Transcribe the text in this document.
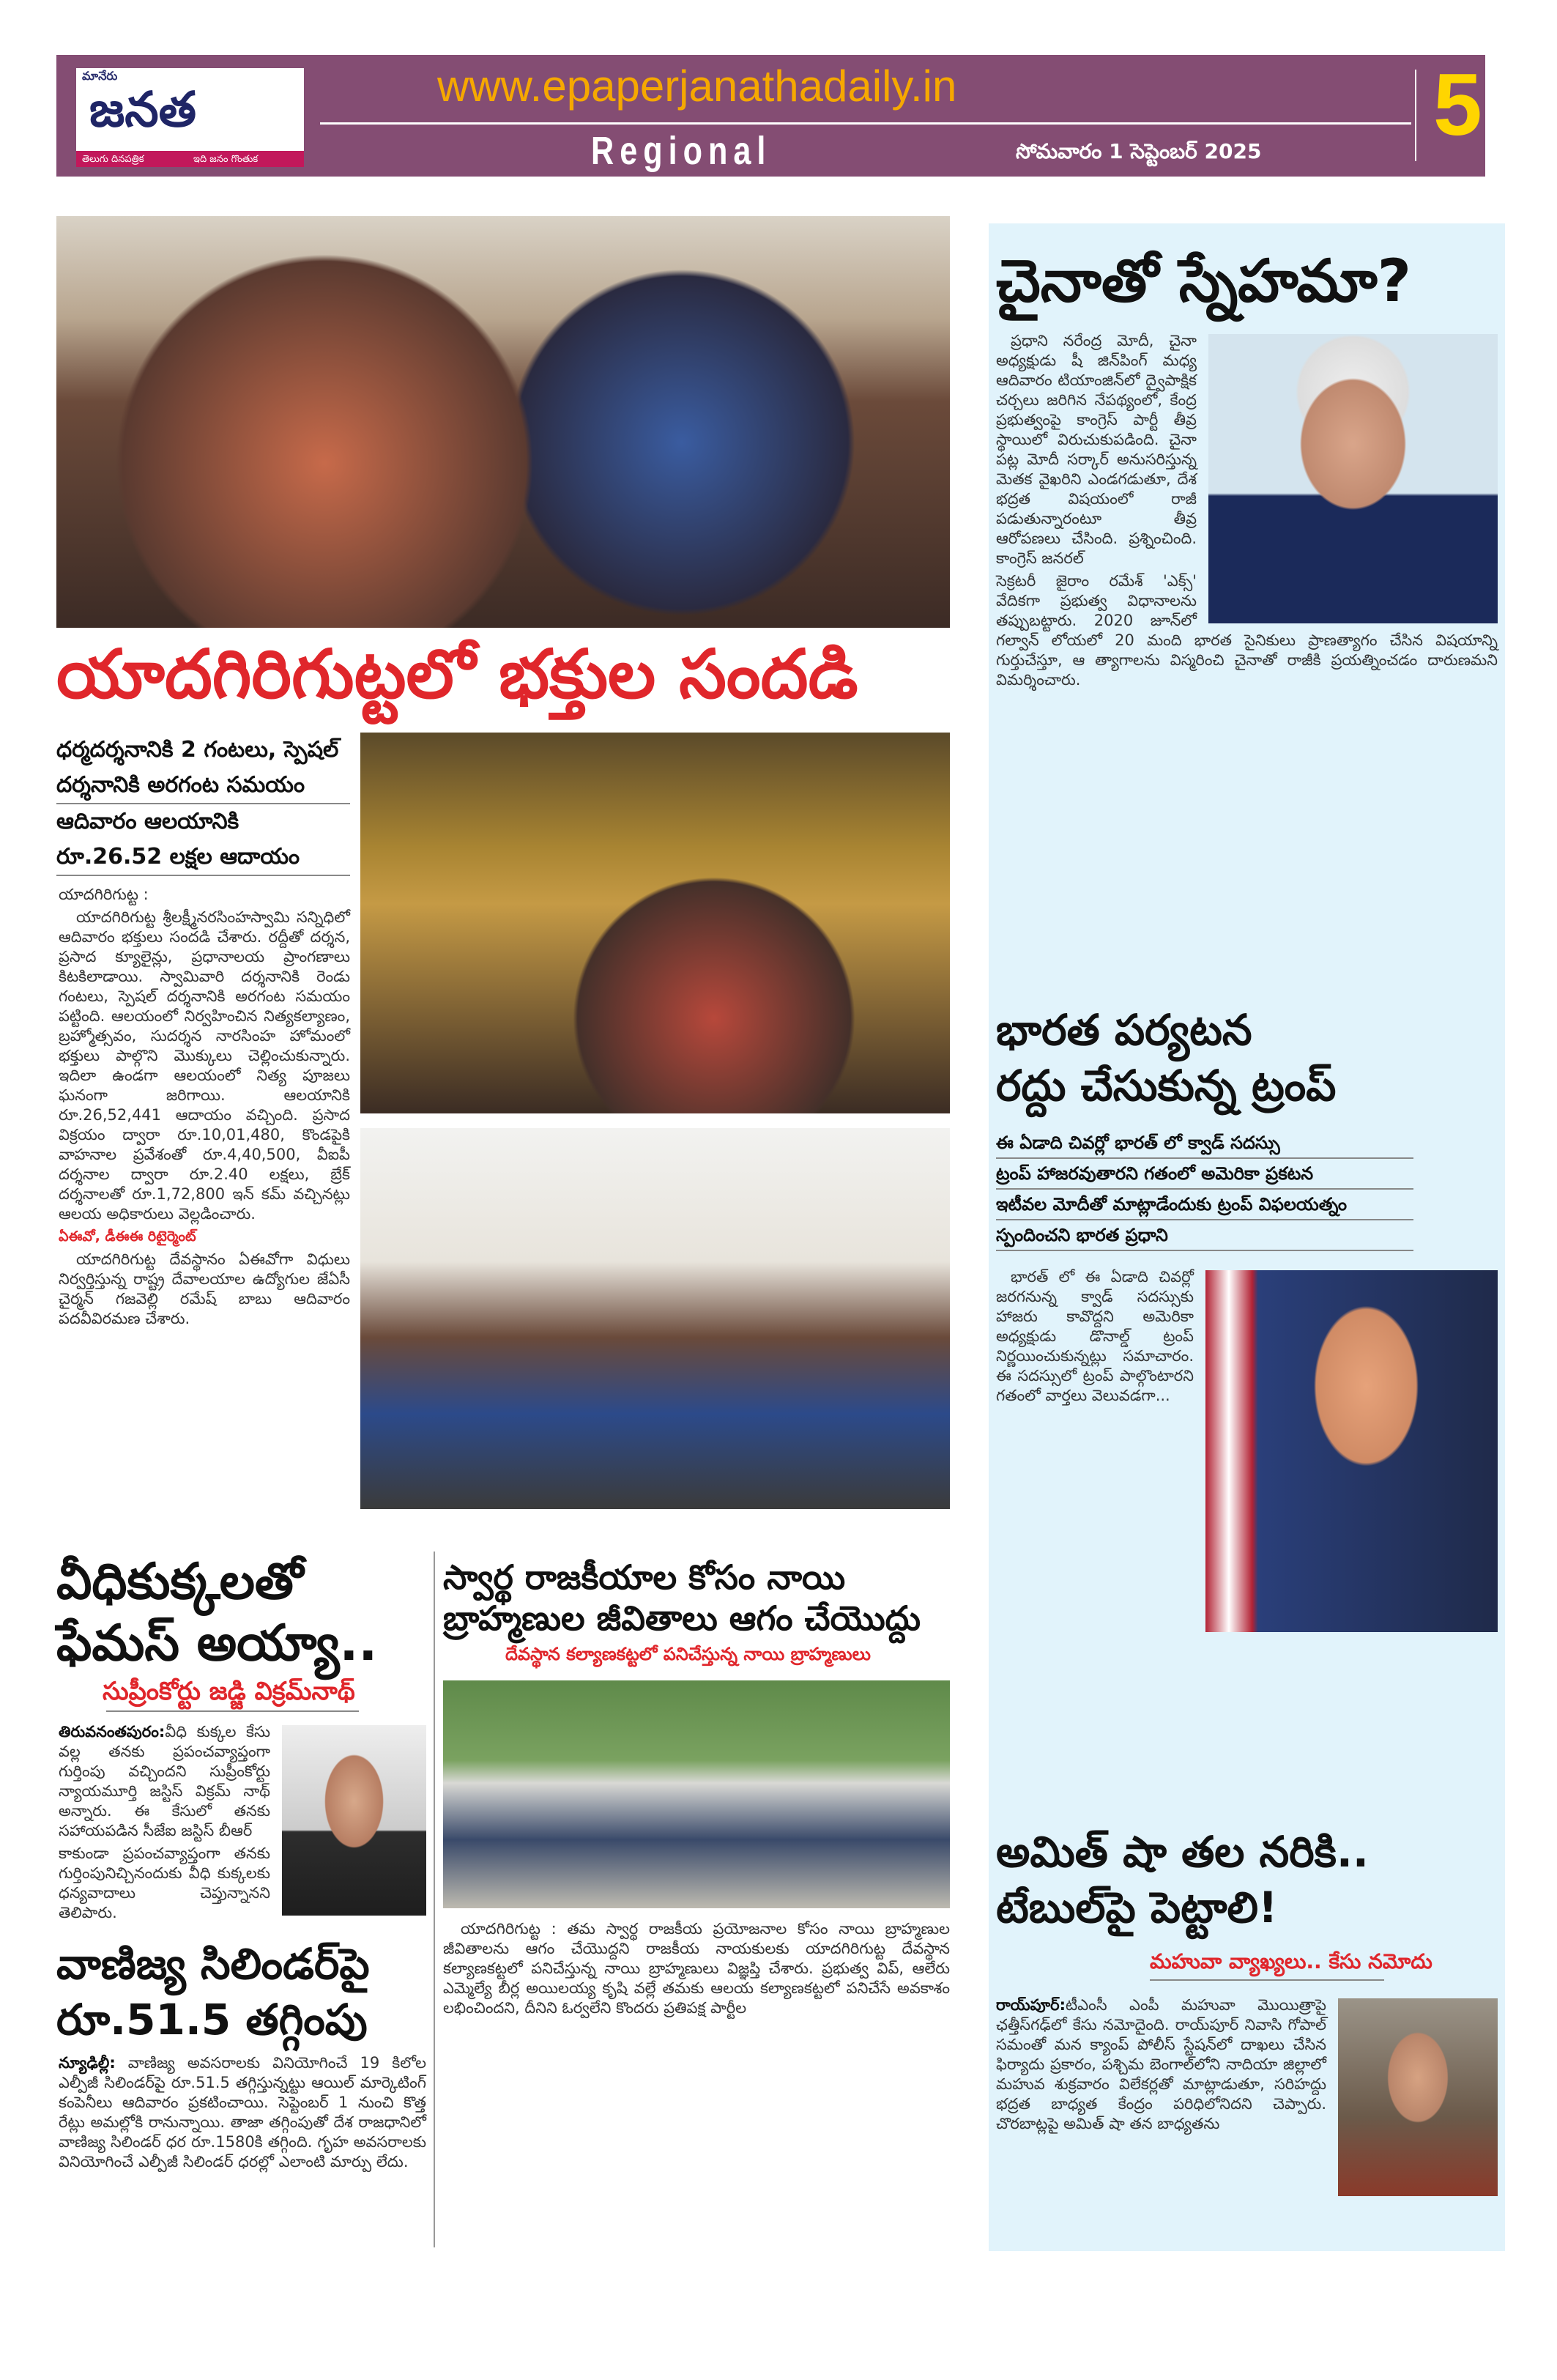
మానేరు
జనత
తెలుగు దినపత్రిక	ఇది జనం గొంతుక
www.epaperjanathadaily.in
Regional	సోమవారం 1 సెప్టెంబర్ 2025 5
యాదగిరిగుట్టలో భక్తుల సందడి
ధర్మదర్శనానికి 2 గంటలు, స్పెషల్ దర్శనానికి అరగంట సమయం
ఆదివారం ఆలయానికి రూ.26.52 లక్షల ఆదాయం

యాదగిరిగుట్ట :

యాదగిరిగుట్ట శ్రీలక్ష్మీనరసింహస్వామి సన్నిధిలో ఆదివారం భక్తులు సందడి చేశారు. రద్దీతో దర్శన, ప్రసాద క్యూలైన్లు, ప్రధానాలయ ప్రాంగణాలు కిటకిలాడాయి. స్వామివారి దర్శనానికి రెండు గంటలు, స్పెషల్ దర్శనానికి అరగంట సమయం పట్టింది. ఆలయంలో నిర్వహించిన నిత్యకల్యాణం, బ్రహ్మోత్సవం, సుదర్శన నారసింహ హోమంలో భక్తులు పాల్గొని మొక్కులు చెల్లించుకున్నారు. ఇదిలా ఉండగా ఆలయంలో నిత్య పూజలు ఘనంగా జరిగాయి. ఆలయానికి రూ.26,52,441 ఆదాయం వచ్చింది. ప్రసాద విక్రయం ద్వారా రూ.10,01,480, కొండపైకి వాహనాల ప్రవేశంతో రూ.4,40,500, వీఐపీ దర్శనాల ద్వారా రూ.2.40 లక్షలు, బ్రేక్ దర్శనాలతో రూ.1,72,800 ఇన్ కమ్ వచ్చినట్లు ఆలయ అధికారులు వెల్లడించారు.

ఏఈవో, డీఈఈ రిటైర్మెంట్

యాదగిరిగుట్ట దేవస్థానం ఏఈవోగా విధులు నిర్వర్తిస్తున్న రాష్ట్ర దేవాలయాల ఉద్యోగుల జేఏసీ చైర్మన్ గజవెల్లి రమేష్ బాబు ఆదివారం పదవీవిరమణ చేశారు.

వీధికుక్కలతో
ఫేమస్ అయ్యా..
సుప్రీంకోర్టు జడ్జి విక్రమ్‌నాథ్

తిరువనంతపురం:వీధి కుక్కల కేసు వల్ల తనకు ప్రపంచవ్యాప్తంగా గుర్తింపు వచ్చిందని సుప్రీంకోర్టు న్యాయమూర్తి జస్టిస్ విక్రమ్ నాథ్ అన్నారు. ఈ కేసులో తనకు సహాయపడిన సీజేఐ జస్టిస్ బీఆర్

కాకుండా ప్రపంచవ్యాప్తంగా తనకు గుర్తింపునిచ్చినందుకు వీధి కుక్కలకు ధన్యవాదాలు చెప్తున్నానని తెలిపారు.

వాణిజ్య సిలిండర్‌పై
రూ.51.5 తగ్గింపు
న్యూఢిల్లీ: వాణిజ్య అవసరాలకు వినియోగించే 19 కిలోల ఎల్పీజీ సిలిండర్‌పై రూ.51.5 తగ్గిస్తున్నట్టు ఆయిల్ మార్కెటింగ్ కంపెనీలు ఆదివారం ప్రకటించాయి. సెప్టెంబర్ 1 నుంచి కొత్త రేట్లు అమల్లోకి రానున్నాయి. తాజా తగ్గింపుతో దేశ రాజధానిలో వాణిజ్య సిలిండర్ ధర రూ.1580కి తగ్గింది. గృహ అవసరాలకు వినియోగించే ఎల్పీజీ సిలిండర్ ధరల్లో ఎలాంటి మార్పు లేదు.
స్వార్థ రాజకీయాల కోసం నాయి
బ్రాహ్మణుల జీవితాలు ఆగం చేయొద్దు
దేవస్థాన కల్యాణకట్టలో పనిచేస్తున్న నాయి బ్రాహ్మణులు
యాదగిరిగుట్ట : తమ స్వార్థ రాజకీయ ప్రయోజనాల కోసం నాయి బ్రాహ్మణుల జీవితాలను ఆగం చేయొద్దని రాజకీయ నాయకులకు యాదగిరిగుట్ట దేవస్థాన కల్యాణకట్టలో పనిచేస్తున్న నాయి బ్రాహ్మణులు విజ్ఞప్తి చేశారు. ప్రభుత్వ విప్, ఆలేరు ఎమ్మెల్యే బీర్ల అయిలయ్య కృషి వల్లే తమకు ఆలయ కల్యాణకట్టలో పనిచేసే అవకాశం లభించిందని, దీనిని ఓర్వలేని కొందరు ప్రతిపక్ష పార్టీల
చైనాతో స్నేహమా?

ప్రధాని నరేంద్ర మోదీ, చైనా అధ్యక్షుడు షీ జిన్‌పింగ్ మధ్య ఆదివారం టియాంజిన్‌లో ద్వైపాక్షిక చర్చలు జరిగిన నేపథ్యంలో, కేంద్ర ప్రభుత్వంపై కాంగ్రెస్ పార్టీ తీవ్ర స్థాయిలో విరుచుకుపడింది. చైనా పట్ల మోదీ సర్కార్ అనుసరిస్తున్న మెతక వైఖరిని ఎండగడుతూ, దేశ భద్రత విషయంలో రాజీ పడుతున్నారంటూ తీవ్ర ఆరోపణలు చేసింది. ప్రశ్నించింది. కాంగ్రెస్ జనరల్

సెక్రటరీ జైరాం రమేశ్ 'ఎక్స్' వేదికగా ప్రభుత్వ విధానాలను తప్పుబట్టారు. 2020 జూన్‌లో గల్వాన్ లోయలో 20 మంది భారత సైనికులు ప్రాణత్యాగం చేసిన విషయాన్ని గుర్తుచేస్తూ, ఆ త్యాగాలను విస్మరించి చైనాతో రాజీకి ప్రయత్నించడం దారుణమని విమర్శించారు.

భారత పర్యటన
రద్దు చేసుకున్న ట్రంప్
ఈ ఏడాది చివర్లో భారత్ లో క్వాడ్ సదస్సు
ట్రంప్ హాజరవుతారని గతంలో అమెరికా ప్రకటన
ఇటీవల మోదీతో మాట్లాడేందుకు ట్రంప్ విఫలయత్నం
స్పందించని భారత ప్రధాని

భారత్ లో ఈ ఏడాది చివర్లో జరగనున్న క్వాడ్ సదస్సుకు హాజరు కావొద్దని అమెరికా అధ్యక్షుడు డొనాల్డ్ ట్రంప్ నిర్ణయించుకున్నట్లు సమాచారం. ఈ సదస్సులో ట్రంప్ పాల్గొంటారని గతంలో వార్తలు వెలువడగా...

అమిత్ షా తల నరికి..
టేబుల్‌పై పెట్టాలి!
మహువా వ్యాఖ్యలు.. కేసు నమోదు

రాయ్‌పూర్:టీఎంసీ ఎంపీ మహువా మొయిత్రాపై ఛత్తీస్‌గఢ్‌లో కేసు నమోదైంది. రాయ్‌పూర్ నివాసి గోపాల్ సమంతో మన క్యాంప్ పోలీస్ స్టేషన్‌లో దాఖలు చేసిన ఫిర్యాదు ప్రకారం, పశ్చిమ బెంగాల్‌లోని నాదియా జిల్లాలో మహువ శుక్రవారం విలేకర్లతో మాట్లాడుతూ, సరిహద్దు భద్రత బాధ్యత కేంద్రం పరిధిలోనిదని చెప్పారు. చొరబాట్లపై అమిత్ షా తన బాధ్యతను
